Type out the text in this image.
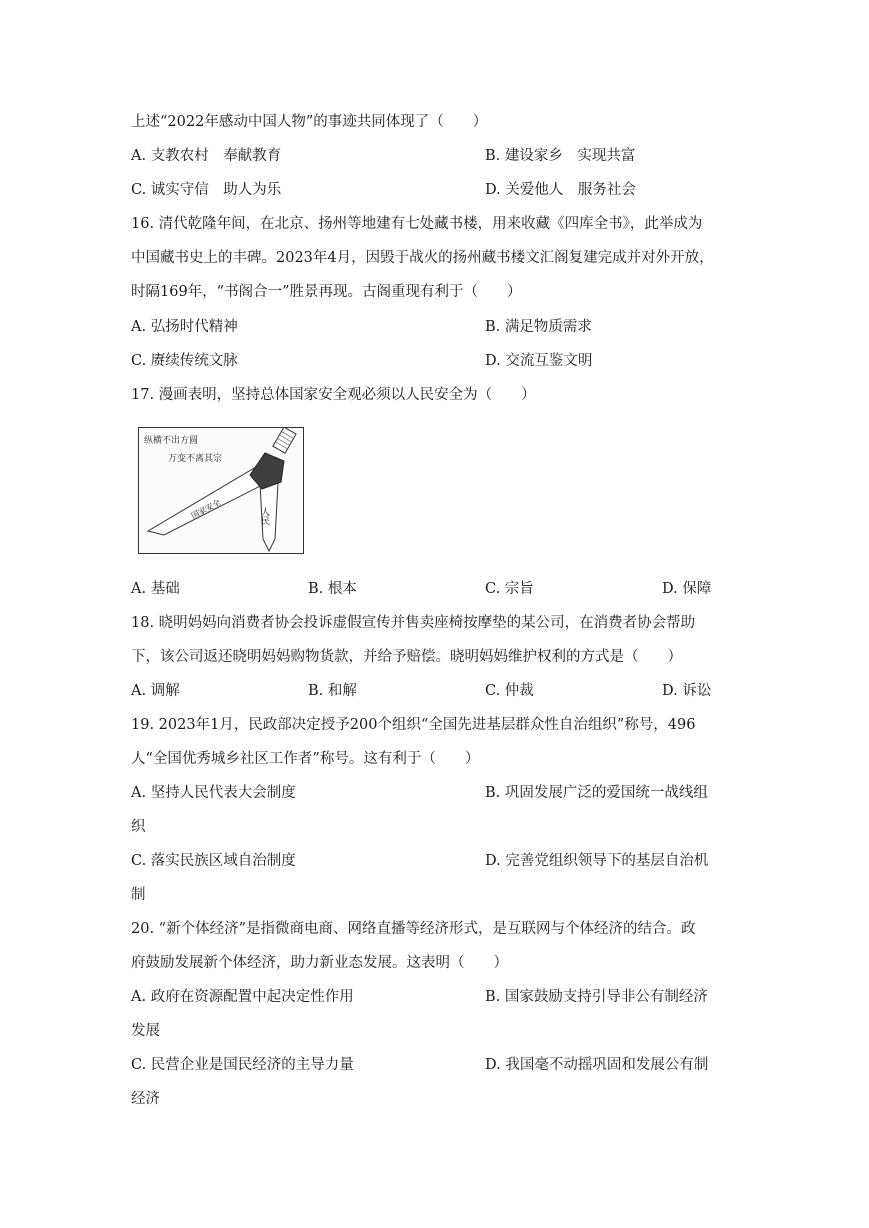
上述“2022年感动中国人物”的事迹共同体现了（　　）
A. 支教农村　奉献教育	B. 建设家乡　实现共富
C. 诚实守信　助人为乐	D. 关爱他人　服务社会
16. 清代乾隆年间，在北京、扬州等地建有七处藏书楼，用来收藏《四库全书》，此举成为
中国藏书史上的丰碑。2023年4月，因毁于战火的扬州藏书楼文汇阁复建完成并对外开放，
时隔169年，“书阁合一”胜景再现。古阁重现有利于（　　）
A. 弘扬时代精神	B. 满足物质需求
C. 赓续传统文脉	D. 交流互鉴文明
17. 漫画表明，坚持总体国家安全观必须以人民安全为（　　）
纵横不出方圆
万变不离其宗
国家安全	人民
A. 基础	B. 根本	C. 宗旨	D. 保障
18. 晓明妈妈向消费者协会投诉虚假宣传并售卖座椅按摩垫的某公司，在消费者协会帮助
下，该公司返还晓明妈妈购物货款，并给予赔偿。晓明妈妈维护权利的方式是（　　）
A. 调解	B. 和解	C. 仲裁	D. 诉讼
19. 2023年1月，民政部决定授予200个组织“全国先进基层群众性自治组织”称号，496
人“全国优秀城乡社区工作者”称号。这有利于（　　）
A. 坚持人民代表大会制度	B. 巩固发展广泛的爱国统一战线组
织
C. 落实民族区域自治制度	D. 完善党组织领导下的基层自治机
制
20. “新个体经济”是指微商电商、网络直播等经济形式，是互联网与个体经济的结合。政
府鼓励发展新个体经济，助力新业态发展。这表明（　　）
A. 政府在资源配置中起决定性作用	B. 国家鼓励支持引导非公有制经济
发展
C. 民营企业是国民经济的主导力量	D. 我国毫不动摇巩固和发展公有制
经济
